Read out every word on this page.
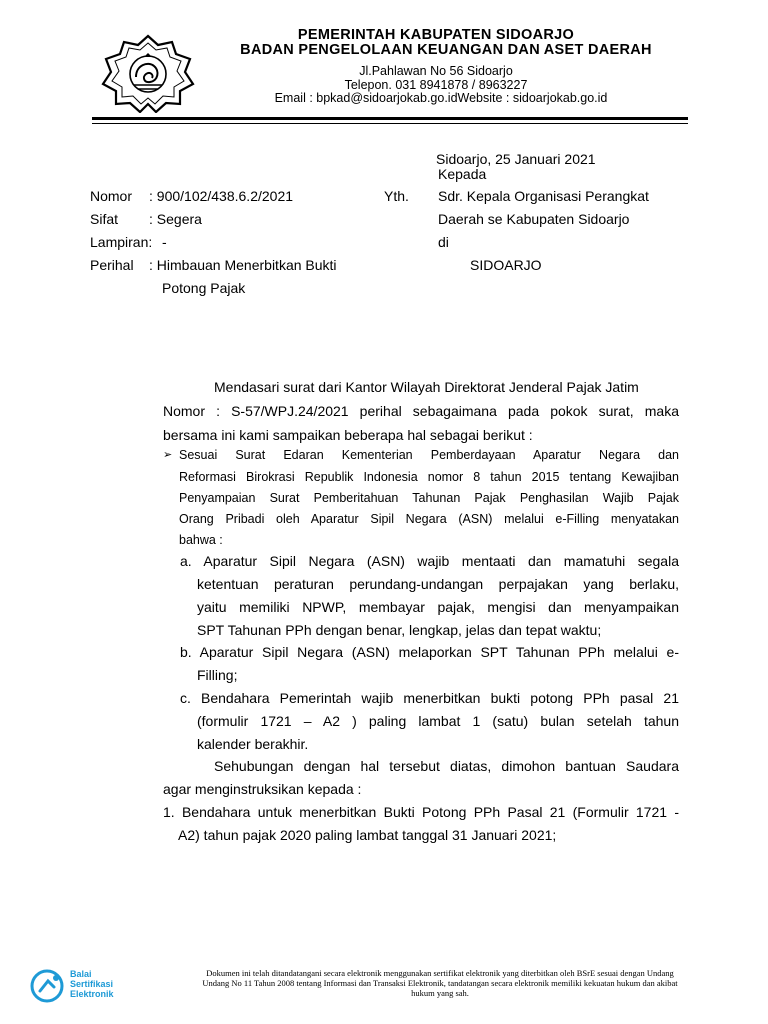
PEMERINTAH KABUPATEN SIDOARJO
BADAN PENGELOLAAN KEUANGAN DAN ASET DAERAH
Jl.Pahlawan No 56 Sidoarjo
Telepon. 031 8941878 / 8963227
Email : bpkad@sidoarjokab.go.idWebsite : sidoarjokab.go.id
Sidoarjo, 25 Januari 2021
Kepada
Nomor : 900/102/438.6.2/2021
Sifat : Segera
Lampiran: -
Perihal : Himbauan Menerbitkan Bukti
Potong Pajak
Yth. Sdr. Kepala Organisasi Perangkat
Daerah se Kabupaten Sidoarjo
di
SIDOARJO
Mendasari surat dari Kantor Wilayah Direktorat Jenderal Pajak Jatim
Nomor : S-57/WPJ.24/2021 perihal sebagaimana pada pokok surat, maka
bersama ini kami sampaikan beberapa hal sebagai berikut :
➢ Sesuai Surat Edaran Kementerian Pemberdayaan Aparatur Negara dan
Reformasi Birokrasi Republik Indonesia nomor 8 tahun 2015 tentang Kewajiban
Penyampaian Surat Pemberitahuan Tahunan Pajak Penghasilan Wajib Pajak
Orang Pribadi oleh Aparatur Sipil Negara (ASN) melalui e-Filling menyatakan
bahwa :
a. Aparatur Sipil Negara (ASN) wajib mentaati dan mamatuhi segala
ketentuan peraturan perundang-undangan perpajakan yang berlaku,
yaitu memiliki NPWP, membayar pajak, mengisi dan menyampaikan
SPT Tahunan PPh dengan benar, lengkap, jelas dan tepat waktu;
b. Aparatur Sipil Negara (ASN) melaporkan SPT Tahunan PPh melalui e-
Filling;
c. Bendahara Pemerintah wajib menerbitkan bukti potong PPh pasal 21
(formulir 1721 – A2 ) paling lambat 1 (satu) bulan setelah tahun
kalender berakhir.
Sehubungan dengan hal tersebut diatas, dimohon bantuan Saudara
agar menginstruksikan kepada :
1. Bendahara untuk menerbitkan Bukti Potong PPh Pasal 21 (Formulir 1721 -
A2) tahun pajak 2020 paling lambat tanggal 31 Januari 2021;
Balai
Sertifikasi
Elektronik
Dokumen ini telah ditandatangani secara elektronik menggunakan sertifikat elektronik yang diterbitkan oleh BSrE sesuai dengan Undang
Undang No 11 Tahun 2008 tentang Informasi dan Transaksi Elektronik, tandatangan secara elektronik memiliki kekuatan hukum dan akibat
hukum yang sah.
